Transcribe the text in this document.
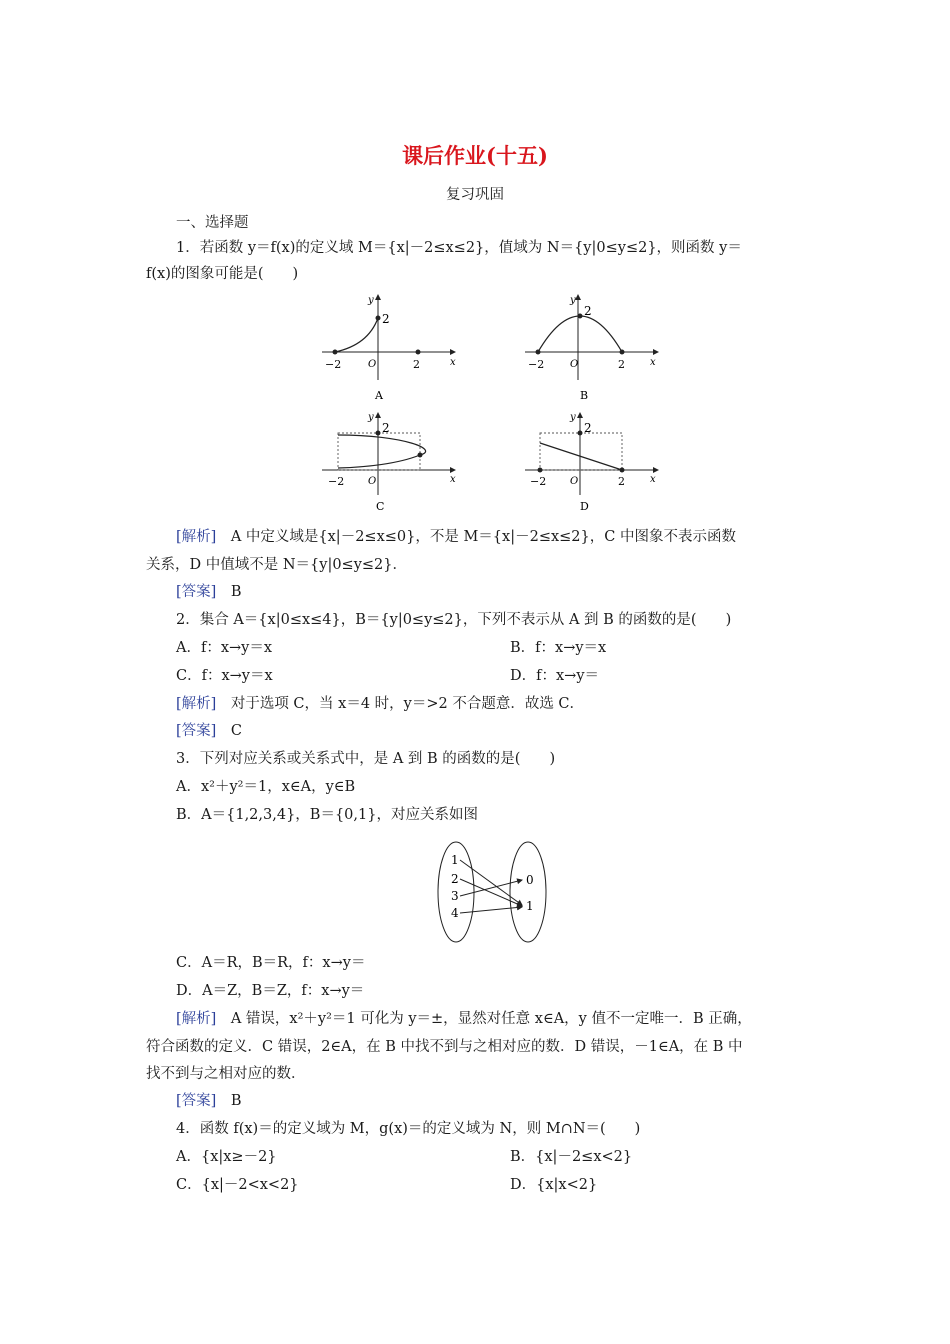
课后作业(十五)
复习巩固
一、选择题
1．若函数 y＝f(x)的定义域 M＝{x|－2≤x≤2}，值域为 N＝{y|0≤y≤2}，则函数 y＝
f(x)的图象可能是(　　)
y
x
2
O
−2	2
A
y
x
2
O
−2	2
B
y
x
2
O
−2
C
y
x
2
O
−2	2
D
[解析]　A 中定义域是{x|－2≤x≤0}，不是 M＝{x|－2≤x≤2}，C 中图象不表示函数
关系，D 中值域不是 N＝{y|0≤y≤2}．
[答案]　B
2．集合 A＝{x|0≤x≤4}，B＝{y|0≤y≤2}，下列不表示从 A 到 B 的函数的是(　　)
A．f：x→y＝x	B．f：x→y＝x
C．f：x→y＝x	D．f：x→y＝
[解析]　对于选项 C，当 x＝4 时，y＝>2 不合题意．故选 C．
[答案]　C
3．下列对应关系或关系式中，是 A 到 B 的函数的是(　　)
A．x²＋y²＝1，x∈A，y∈B
B．A＝{1,2,3,4}，B＝{0,1}，对应关系如图
1
2
3
4
0
1
C．A＝R，B＝R，f：x→y＝
D．A＝Z，B＝Z，f：x→y＝
[解析]　A 错误，x²＋y²＝1 可化为 y＝±，显然对任意 x∈A，y 值不一定唯一．B 正确，
符合函数的定义．C 错误，2∈A，在 B 中找不到与之相对应的数．D 错误，－1∈A，在 B 中
找不到与之相对应的数．
[答案]　B
4．函数 f(x)＝的定义域为 M，g(x)＝的定义域为 N，则 M∩N＝(　　)
A．{x|x≥－2}	B．{x|－2≤x<2}
C．{x|－2<x<2}	D．{x|x<2}
